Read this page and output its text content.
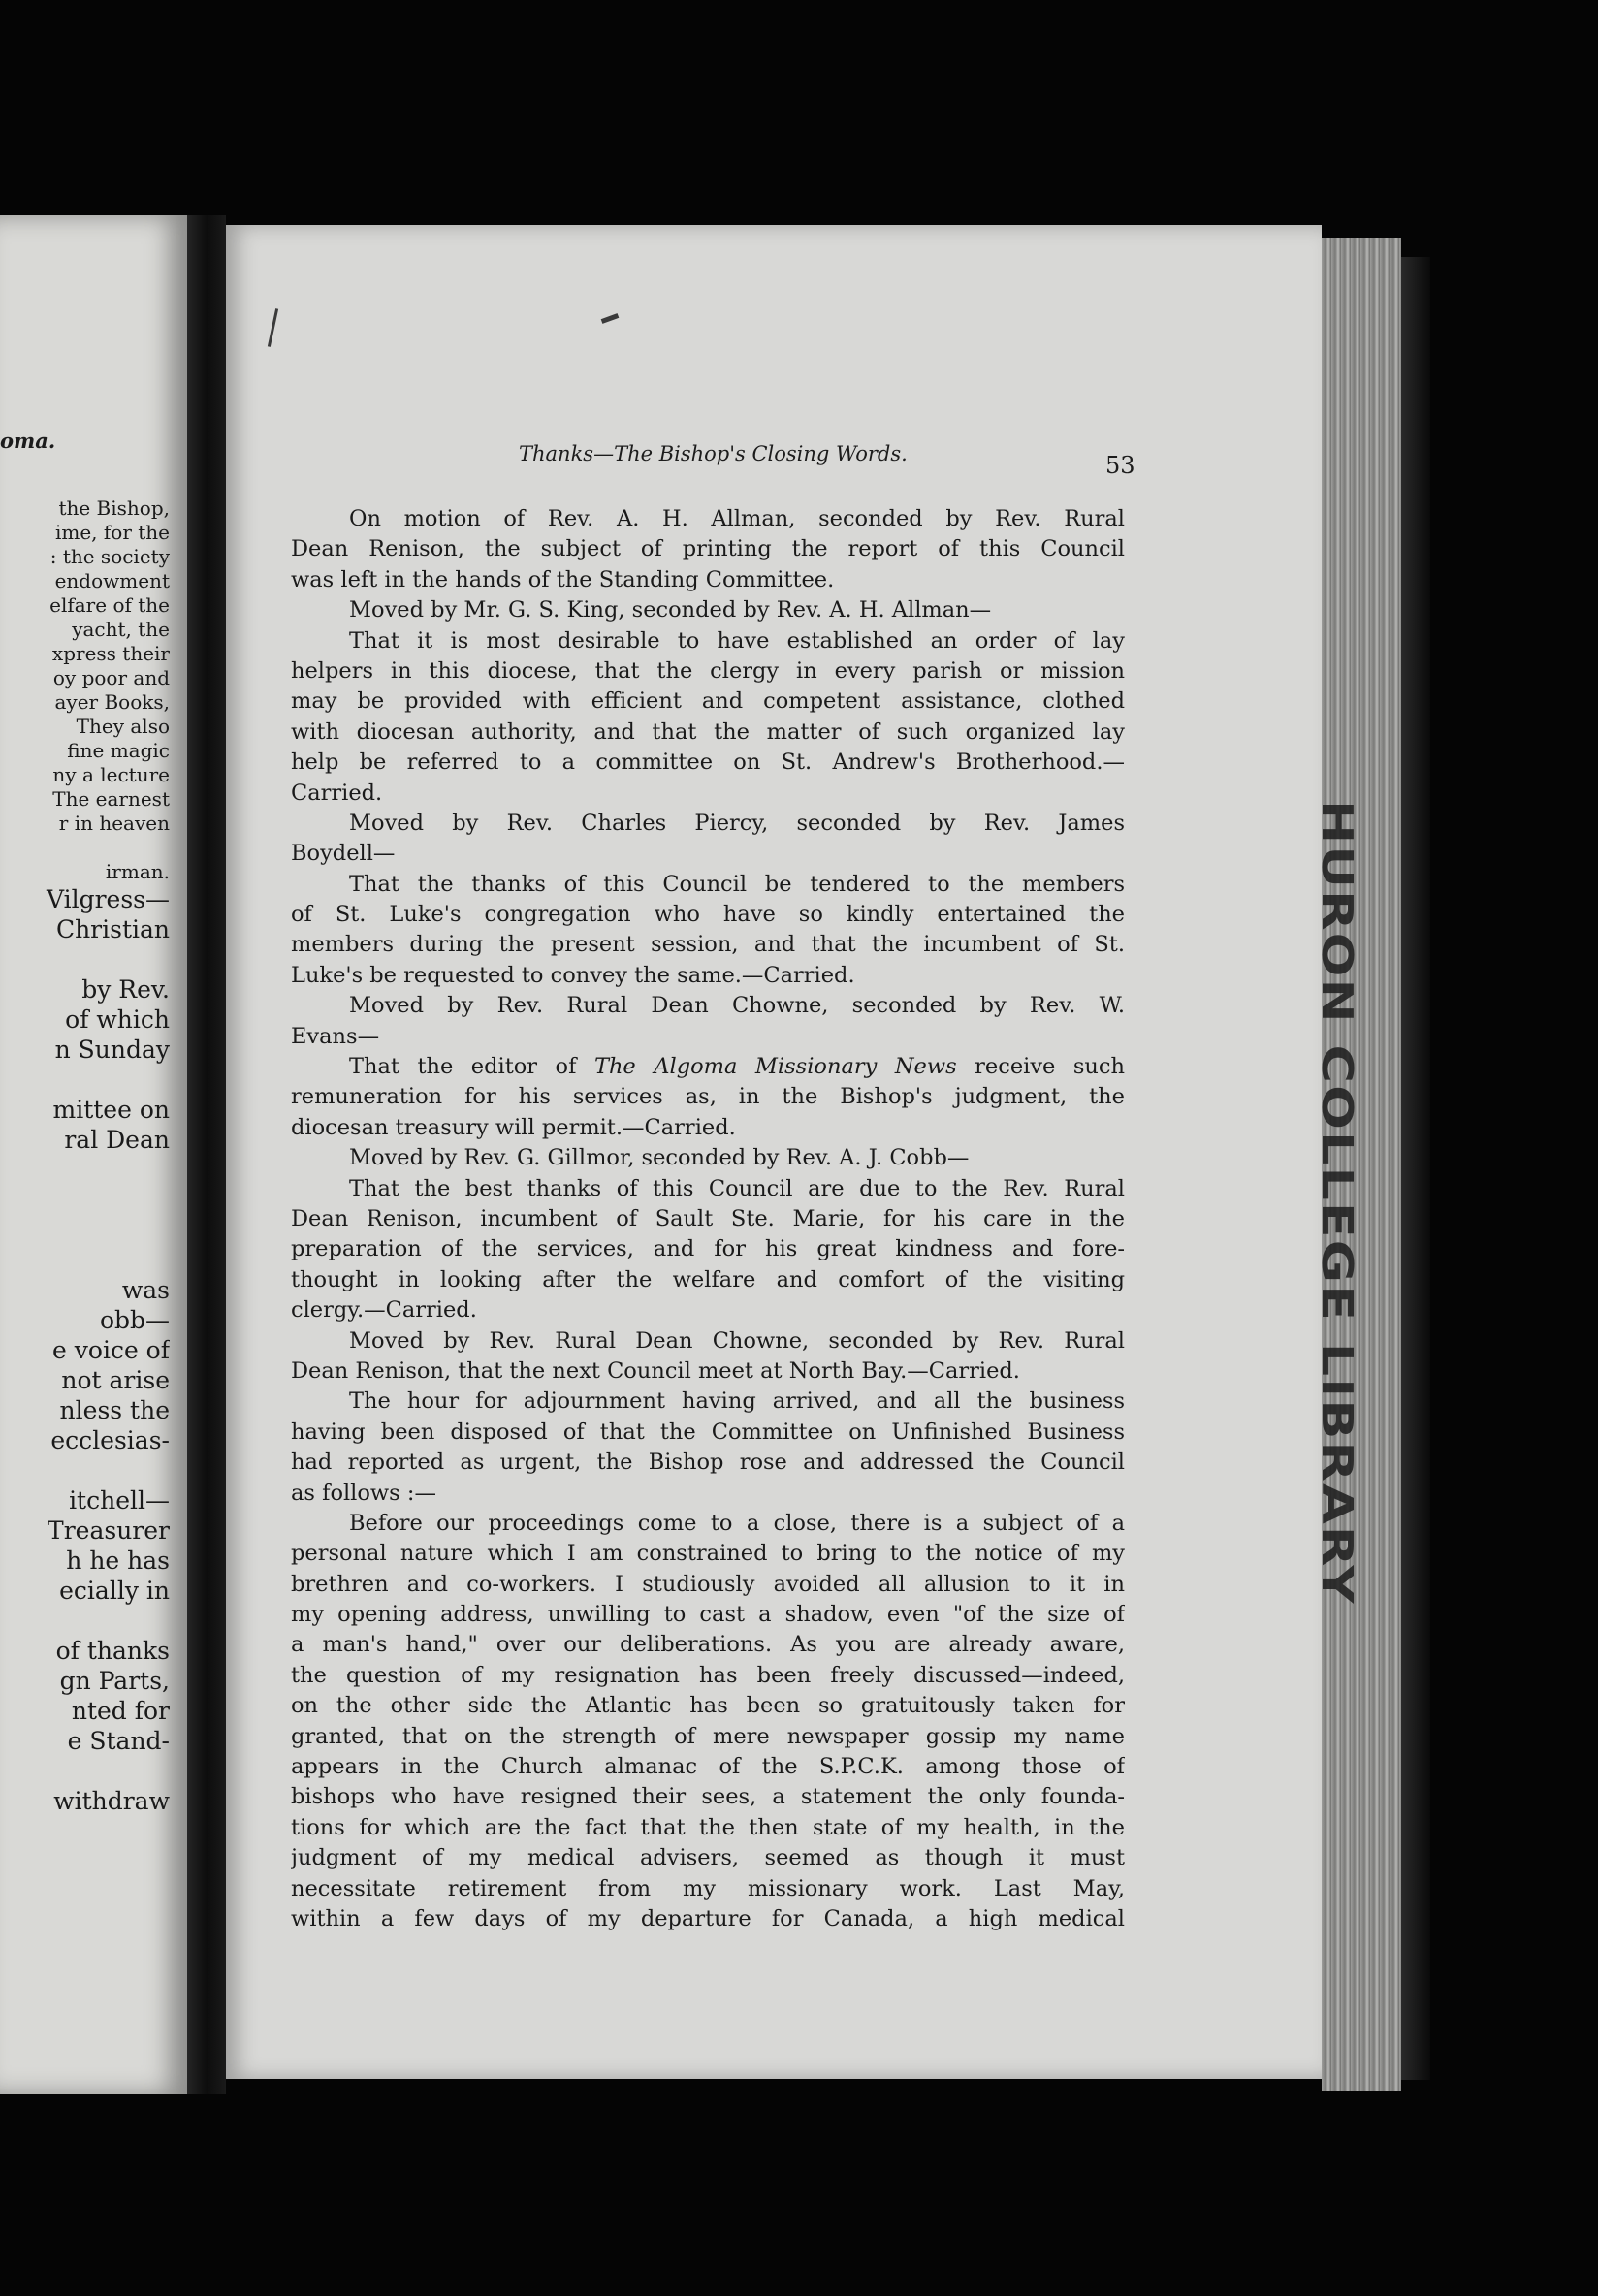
oma.
the Bishop,
ime, for the
: the society
endowment
elfare of the
yacht, the
xpress their
oy poor and
ayer Books,
They also
fine magic
ny a lecture
The earnest
r in heaven

irman.
Vilgress—
Christian

by Rev.
of which
n Sunday

mittee on
ral Dean

was
obb—
e voice of
not arise
nless the
ecclesias-

itchell—
Treasurer
h he has
ecially in

of thanks
gn Parts,
nted for
e Stand-

withdraw
HURON COLLEGE LIBRARY
Thanks—The Bishop's Closing Words.	53
On motion of Rev. A. H. Allman, seconded by Rev. Rural
Dean Renison, the subject of printing the report of this Council
was left in the hands of the Standing Committee.
Moved by Mr. G. S. King, seconded by Rev. A. H. Allman—
That it is most desirable to have established an order of lay
helpers in this diocese, that the clergy in every parish or mission
may be provided with efficient and competent assistance, clothed
with diocesan authority, and that the matter of such organized lay
help be referred to a committee on St. Andrew's Brotherhood.—
Carried.
Moved by Rev. Charles Piercy, seconded by Rev. James
Boydell—
That the thanks of this Council be tendered to the members
of St. Luke's congregation who have so kindly entertained the
members during the present session, and that the incumbent of St.
Luke's be requested to convey the same.—Carried.
Moved by Rev. Rural Dean Chowne, seconded by Rev. W.
Evans—
That the editor of The Algoma Missionary News receive such
remuneration for his services as, in the Bishop's judgment, the
diocesan treasury will permit.—Carried.
Moved by Rev. G. Gillmor, seconded by Rev. A. J. Cobb—
That the best thanks of this Council are due to the Rev. Rural
Dean Renison, incumbent of Sault Ste. Marie, for his care in the
preparation of the services, and for his great kindness and fore-
thought in looking after the welfare and comfort of the visiting
clergy.—Carried.
Moved by Rev. Rural Dean Chowne, seconded by Rev. Rural
Dean Renison, that the next Council meet at North Bay.—Carried.
The hour for adjournment having arrived, and all the business
having been disposed of that the Committee on Unfinished Business
had reported as urgent, the Bishop rose and addressed the Council
as follows :—
Before our proceedings come to a close, there is a subject of a
personal nature which I am constrained to bring to the notice of my
brethren and co-workers. I studiously avoided all allusion to it in
my opening address, unwilling to cast a shadow, even "of the size of
a man's hand," over our deliberations. As you are already aware,
the question of my resignation has been freely discussed—indeed,
on the other side the Atlantic has been so gratuitously taken for
granted, that on the strength of mere newspaper gossip my name
appears in the Church almanac of the S.P.C.K. among those of
bishops who have resigned their sees, a statement the only founda-
tions for which are the fact that the then state of my health, in the
judgment of my medical advisers, seemed as though it must
necessitate retirement from my missionary work. Last May,
within a few days of my departure for Canada, a high medical
